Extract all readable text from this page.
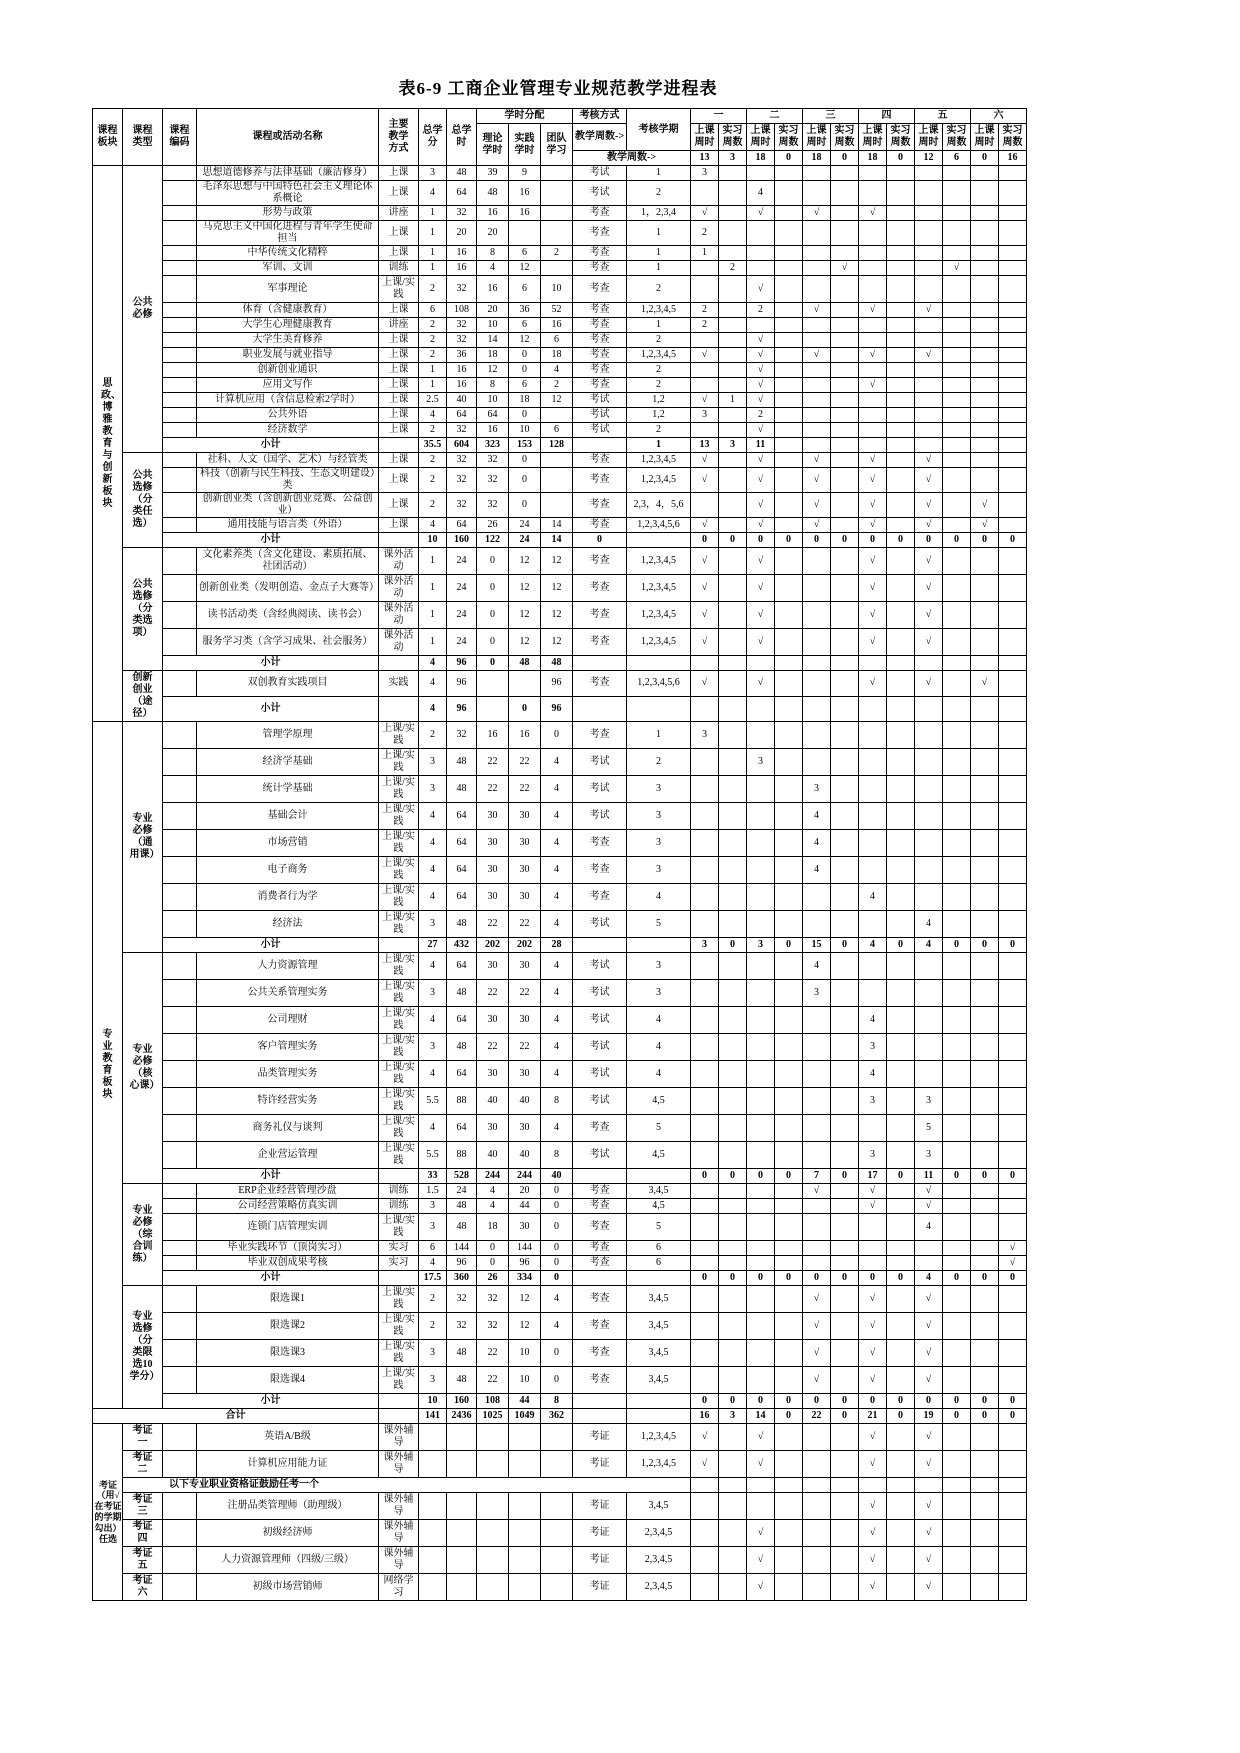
表6-9 工商企业管理专业规范教学进程表
课程板块	课程类型	课程编码	课程或活动名称	主要教学方式	总学分	总学时	学时分配			考核方式	考核学期	一		二		三		四		五		六	
							理论学时	实践学时	团队学习	教学周数->		上课周时	实习周数	上课周时	实习周数	上课周时	实习周数	上课周时	实习周数	上课周时	实习周数	上课周时	实习周数
										教学周数->		13	3	18	0	18	0	18	0	12	6	0	16

思政、博雅教育与创新板块	公共必修		思想道德修养与法律基础（廉洁修身）	上课	3	48	39	9		考试	1	3											
			毛泽东思想与中国特色社会主义理论体系概论	上课	4	64	48	16		考试	2			4									
			形势与政策	讲座	1	32	16	16		考查	1，2,3,4	√		√		√		√					
			马克思主义中国化进程与青年学生使命担当	上课	1	20	20			考查	1	2											
			中华传统文化精粹	上课	1	16	8	6	2	考查	1	1											
			军训、文训	训练	1	16	4	12		考查	1		2				√				√		
			军事理论	上课/实践	2	32	16	6	10	考查	2			√									
			体育（含健康教育）	上课	6	108	20	36	52	考查	1,2,3,4,5	2		2		√		√		√			
			大学生心理健康教育	讲座	2	32	10	6	16	考查	1	2											
			大学生美育修养	上课	2	32	14	12	6	考查	2			√									
			职业发展与就业指导	上课	2	36	18	0	18	考查	1,2,3,4,5	√		√		√		√		√			
			创新创业通识	上课	1	16	12	0	4	考查	2			√									
			应用文写作	上课	1	16	8	6	2	考查	2			√				√					
			计算机应用（含信息检索2学时）	上课	2.5	40	10	18	12	考试	1,2	√	1	√									
			公共外语	上课	4	64	64	0		考试	1,2	3		2									
			经济数学	上课	2	32	16	10	6	考试	2			√									
		小计			35.5	604	323	153	128		1	13	3	11									

	公共选修（分类任选）		社科、人文（国学、艺术）与经管类	上课	2	32	32	0		考查	1,2,3,4,5	√		√		√		√		√			
			科技（创新与民生科技、生态文明建设）类	上课	2	32	32	0		考查	1,2,3,4,5	√		√		√		√		√			
			创新创业类（含创新创业竞赛、公益创业）	上课	2	32	32	0		考查	2,3，4，5,6			√		√		√		√		√	
			通用技能与语言类（外语）	上课	4	64	26	24	14	考查	1,2,3,4,5,6	√		√		√		√		√		√	
		小计			10	160	122	24	14	0		0	0	0	0	0	0	0	0	0	0	0	0

	公共选修（分类选项）		文化素养类（含文化建设、素质拓展、社团活动）	课外活动	1	24	0	12	12	考查	1,2,3,4,5	√		√				√		√			
			创新创业类（发明创造、金点子大赛等）	课外活动	1	24	0	12	12	考查	1,2,3,4,5	√		√				√		√			
			读书活动类（含经典阅读、读书会）	课外活动	1	24	0	12	12	考查	1,2,3,4,5	√		√				√		√			
			服务学习类（含学习成果、社会服务）	课外活动	1	24	0	12	12	考查	1,2,3,4,5	√		√				√		√			
		小计			4	96	0	48	48														

	创新创业（途径）		双创教育实践项目	实践	4	96			96	考查	1,2,3,4,5,6	√		√				√		√		√	
		小计			4	96		0	96														

专业教育板块	专业必修（通用课）		管理学原理	上课/实践	2	32	16	16	0	考查	1	3											
			经济学基础	上课/实践	3	48	22	22	4	考试	2			3									
			统计学基础	上课/实践	3	48	22	22	4	考试	3					3							
			基础会计	上课/实践	4	64	30	30	4	考试	3					4							
			市场营销	上课/实践	4	64	30	30	4	考查	3					4							
			电子商务	上课/实践	4	64	30	30	4	考查	3					4							
			消费者行为学	上课/实践	4	64	30	30	4	考查	4							4					
			经济法	上课/实践	3	48	22	22	4	考试	5									4			
		小计			27	432	202	202	28			3	0	3	0	15	0	4	0	4	0	0	0

	专业必修（核心课）		人力资源管理	上课/实践	4	64	30	30	4	考试	3					4							
			公共关系管理实务	上课/实践	3	48	22	22	4	考试	3					3							
			公司理财	上课/实践	4	64	30	30	4	考试	4							4					
			客户管理实务	上课/实践	3	48	22	22	4	考试	4							3					
			品类管理实务	上课/实践	4	64	30	30	4	考试	4							4					
			特许经营实务	上课/实践	5.5	88	40	40	8	考试	4,5							3		3			
			商务礼仪与谈判	上课/实践	4	64	30	30	4	考查	5									5			
			企业营运管理	上课/实践	5.5	88	40	40	8	考试	4,5							3		3			
		小计			33	528	244	244	40			0	0	0	0	7	0	17	0	11	0	0	0

	专业必修（综合训练）		ERP企业经营管理沙盘	训练	1.5	24	4	20	0	考查	3,4,5					√		√		√			
			公司经营策略仿真实训	训练	3	48	4	44	0	考查	4,5							√		√			
			连锁门店管理实训	上课/实践	3	48	18	30	0	考查	5									4			
			毕业实践环节（顶岗实习）	实习	6	144	0	144	0	考查	6												√
			毕业双创成果考核	实习	4	96	0	96	0	考查	6												√
		小计			17.5	360	26	334	0			0	0	0	0	0	0	0	0	4	0	0	0

	专业选修（分类限选10学分）		限选课1	上课/实践	2	32	32	12	4	考查	3,4,5					√		√		√			
			限选课2	上课/实践	2	32	32	12	4	考查	3,4,5					√		√		√			
			限选课3	上课/实践	3	48	22	10	0	考查	3,4,5					√		√		√			
			限选课4	上课/实践	3	48	22	10	0	考查	3,4,5					√		√		√			
		小计			10	160	108	44	8			0	0	0	0	0	0	0	0	0	0	0	0
合计					141	2436	1025	1049	362			16	3	14	0	22	0	21	0	19	0	0	0

考证（用√在考证的学期勾出）任选	考证一		英语A/B级	课外辅导						考证	1,2,3,4,5	√		√				√		√			

	考证二		计算机应用能力证	课外辅导						考证	1,2,3,4,5	√		√				√		√			
	以下专业职业资格证鼓励任考一个																						

	考证三		注册品类管理师（助理级）	课外辅导						考证	3,4,5							√		√			

	考证四		初级经济师	课外辅导						考证	2,3,4,5			√				√		√			

	考证五		人力资源管理师（四级/三级）	课外辅导						考证	2,3,4,5			√				√		√			

	考证六		初级市场营销师	网络学习						考证	2,3,4,5			√				√		√			
